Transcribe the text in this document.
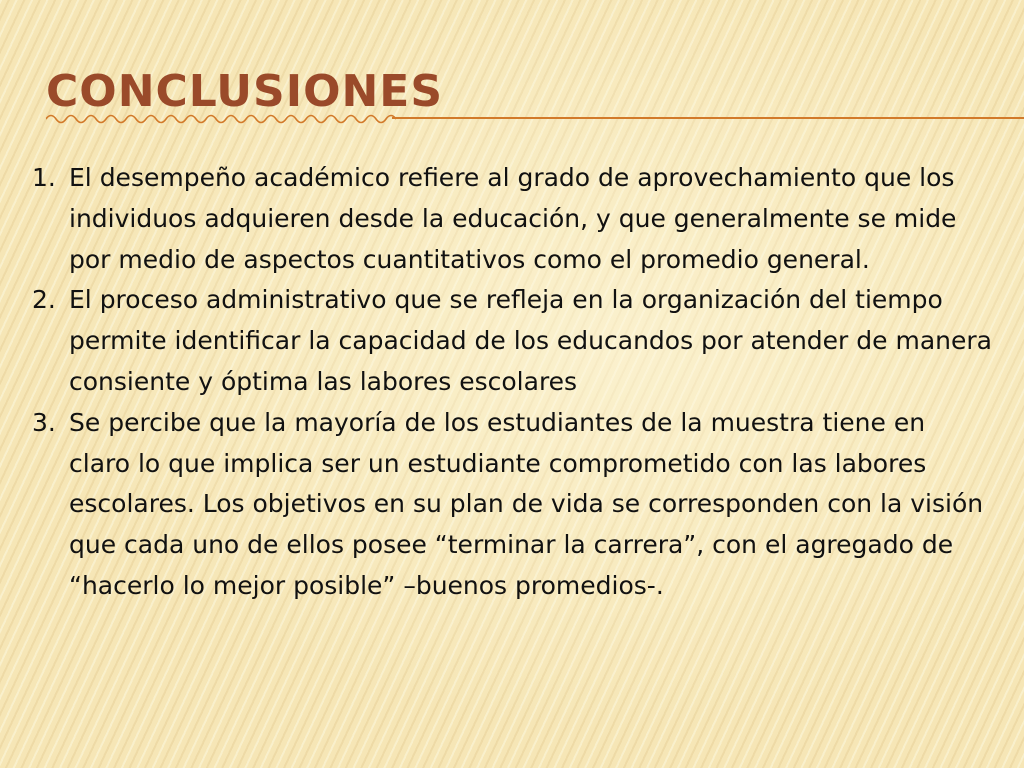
CONCLUSIONES
1. El desempeño académico refiere al grado de aprovechamiento que los individuos adquieren desde la educación, y que generalmente se mide por medio de aspectos cuantitativos como el promedio general.
2. El proceso administrativo que se refleja en la organización del tiempo permite identificar la capacidad de los educandos por atender de manera consiente y óptima las labores escolares
3. Se percibe que la mayoría de los estudiantes de la muestra tiene en claro lo que implica ser un estudiante comprometido con las labores escolares. Los objetivos en su plan de vida se corresponden con la visión que cada uno de ellos posee “terminar la carrera”, con el agregado de “hacerlo lo mejor posible” –buenos promedios-.
